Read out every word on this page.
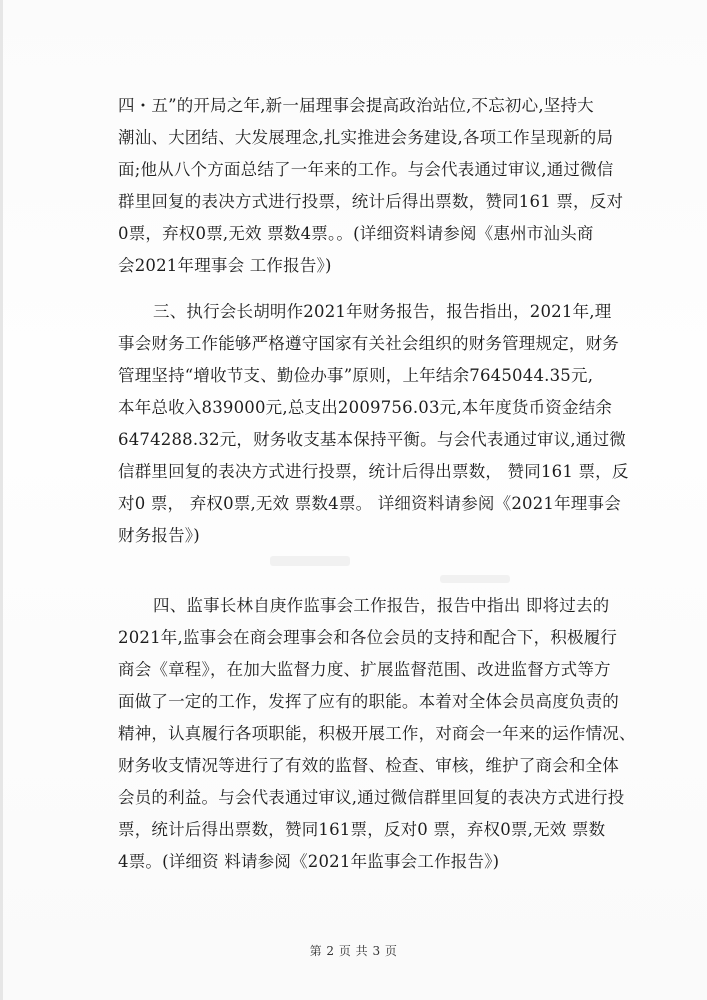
四・五”的开局之年,新一届理事会提高政治站位,不忘初心,坚持大
潮汕、大团结、大发展理念,扎实推进会务建设,各项工作呈现新的局
面;他从八个方面总结了一年来的工作。与会代表通过审议,通过微信
群里回复的表决方式进行投票，统计后得出票数，赞同161 票，反对
0票，弃权0票,无效 票数4票。。(详细资料请参阅《惠州市汕头商
会2021年理事会 工作报告》)
三、执行会长胡明作2021年财务报告，报告指出，2021年,理
事会财务工作能够严格遵守国家有关社会组织的财务管理规定，财务
管理坚持“增收节支、勤俭办事”原则，上年结余7645044.35元,
本年总收入839000元,总支出2009756.03元,本年度货币资金结余
6474288.32元，财务收支基本保持平衡。与会代表通过审议,通过微
信群里回复的表决方式进行投票，统计后得出票数， 赞同161 票，反
对0 票， 弃权0票,无效 票数4票。 详细资料请参阅《2021年理事会
财务报告》)
四、监事长林自庚作监事会工作报告，报告中指出 即将过去的
2021年,监事会在商会理事会和各位会员的支持和配合下，积极履行
商会《章程》，在加大监督力度、扩展监督范围、改进监督方式等方
面做了一定的工作，发挥了应有的职能。本着对全体会员高度负责的
精神，认真履行各项职能，积极开展工作，对商会一年来的运作情况、
财务收支情况等进行了有效的监督、检查、审核，维护了商会和全体
会员的利益。与会代表通过审议,通过微信群里回复的表决方式进行投
票，统计后得出票数，赞同161票，反对0 票，弃权0票,无效 票数
4票。(详细资 料请参阅《2021年监事会工作报告》)
第 2 页 共 3 页
